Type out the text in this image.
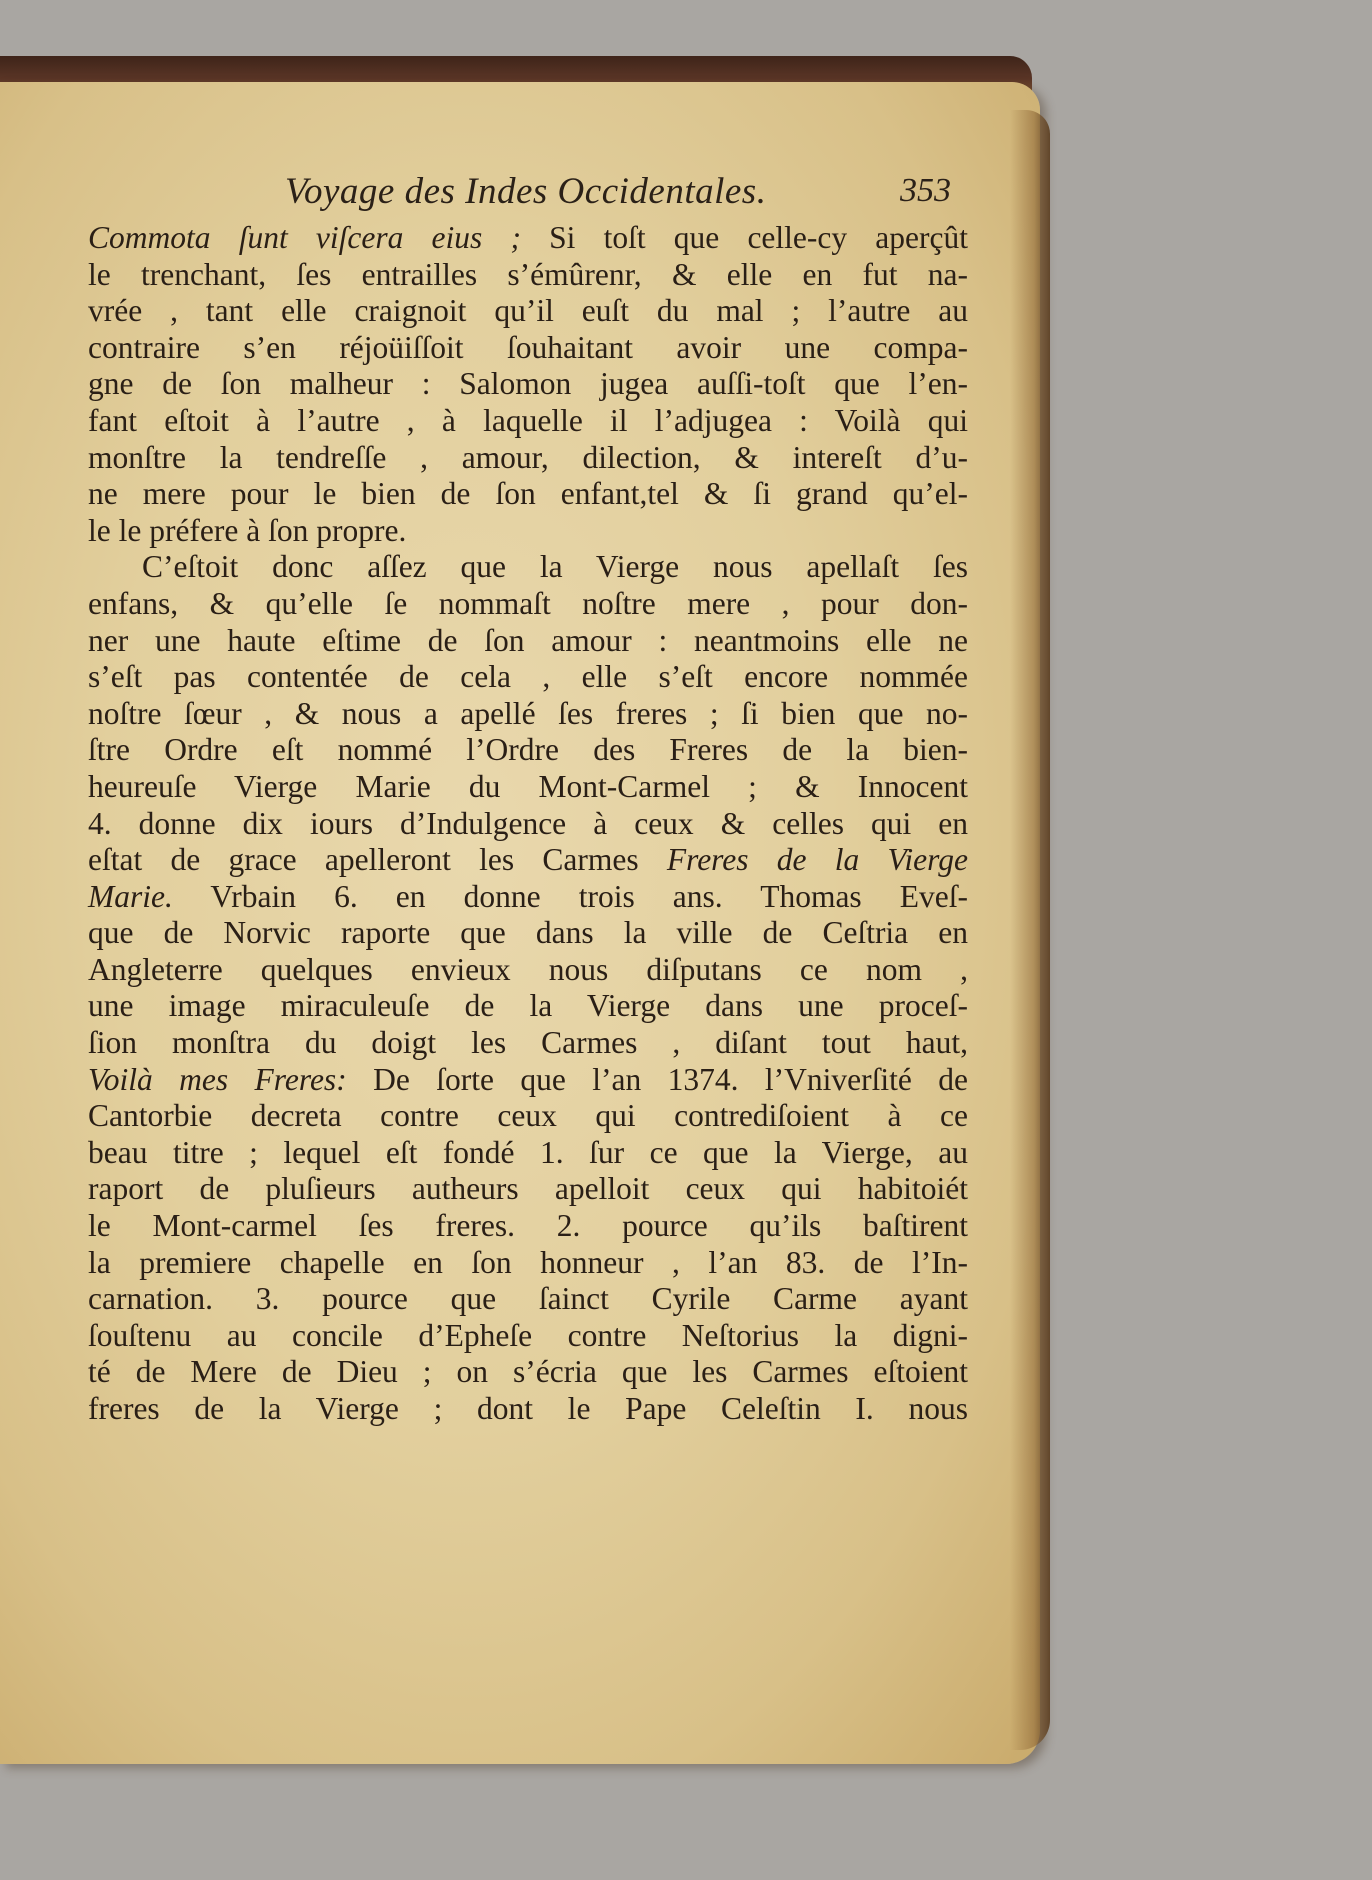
Voyage des Indes Occidentales.	353
Commota ſunt viſcera eius ; Si toſt que celle-cy aperçût
le trenchant, ſes entrailles s’émûrenr, & elle en fut na-
vrée , tant elle craignoit qu’il euſt du mal ; l’autre au
contraire s’en réjoüiſſoit ſouhaitant avoir une compa-
gne de ſon malheur : Salomon jugea auſſi-toſt que l’en-
fant eſtoit à l’autre , à laquelle il l’adjugea : Voilà qui
monſtre la tendreſſe , amour, dilection, & intereſt d’u-
ne mere pour le bien de ſon enfant,tel & ſi grand qu’el-
le le préfere à ſon propre.
C’eſtoit donc aſſez que la Vierge nous apellaſt ſes
enfans, & qu’elle ſe nommaſt noſtre mere , pour don-
ner une haute eſtime de ſon amour : neantmoins elle ne
s’eſt pas contentée de cela , elle s’eſt encore nommée
noſtre ſœur , & nous a apellé ſes freres ; ſi bien que no-
ſtre Ordre eſt nommé l’Ordre des Freres de la bien-
heureuſe Vierge Marie du Mont-Carmel ; & Innocent
4. donne dix iours d’Indulgence à ceux & celles qui en
eſtat de grace apelleront les Carmes Freres de la Vierge
Marie. Vrbain 6. en donne trois ans. Thomas Eveſ-
que de Norvic raporte que dans la ville de Ceſtria en
Angleterre quelques envieux nous diſputans ce nom ,
une image miraculeuſe de la Vierge dans une proceſ-
ſion monſtra du doigt les Carmes , diſant tout haut,
Voilà mes Freres: De ſorte que l’an 1374. l’Vniverſité de
Cantorbie decreta contre ceux qui contrediſoient à ce
beau titre ; lequel eſt fondé 1. ſur ce que la Vierge, au
raport de pluſieurs autheurs apelloit ceux qui habitoiét
le Mont-carmel ſes freres. 2. pource qu’ils baſtirent
la premiere chapelle en ſon honneur , l’an 83. de l’In-
carnation. 3. pource que ſainct Cyrile Carme ayant
ſouſtenu au concile d’Epheſe contre Neſtorius la digni-
té de Mere de Dieu ; on s’écria que les Carmes eſtoient
freres de la Vierge ; dont le Pape Celeſtin I. nous
